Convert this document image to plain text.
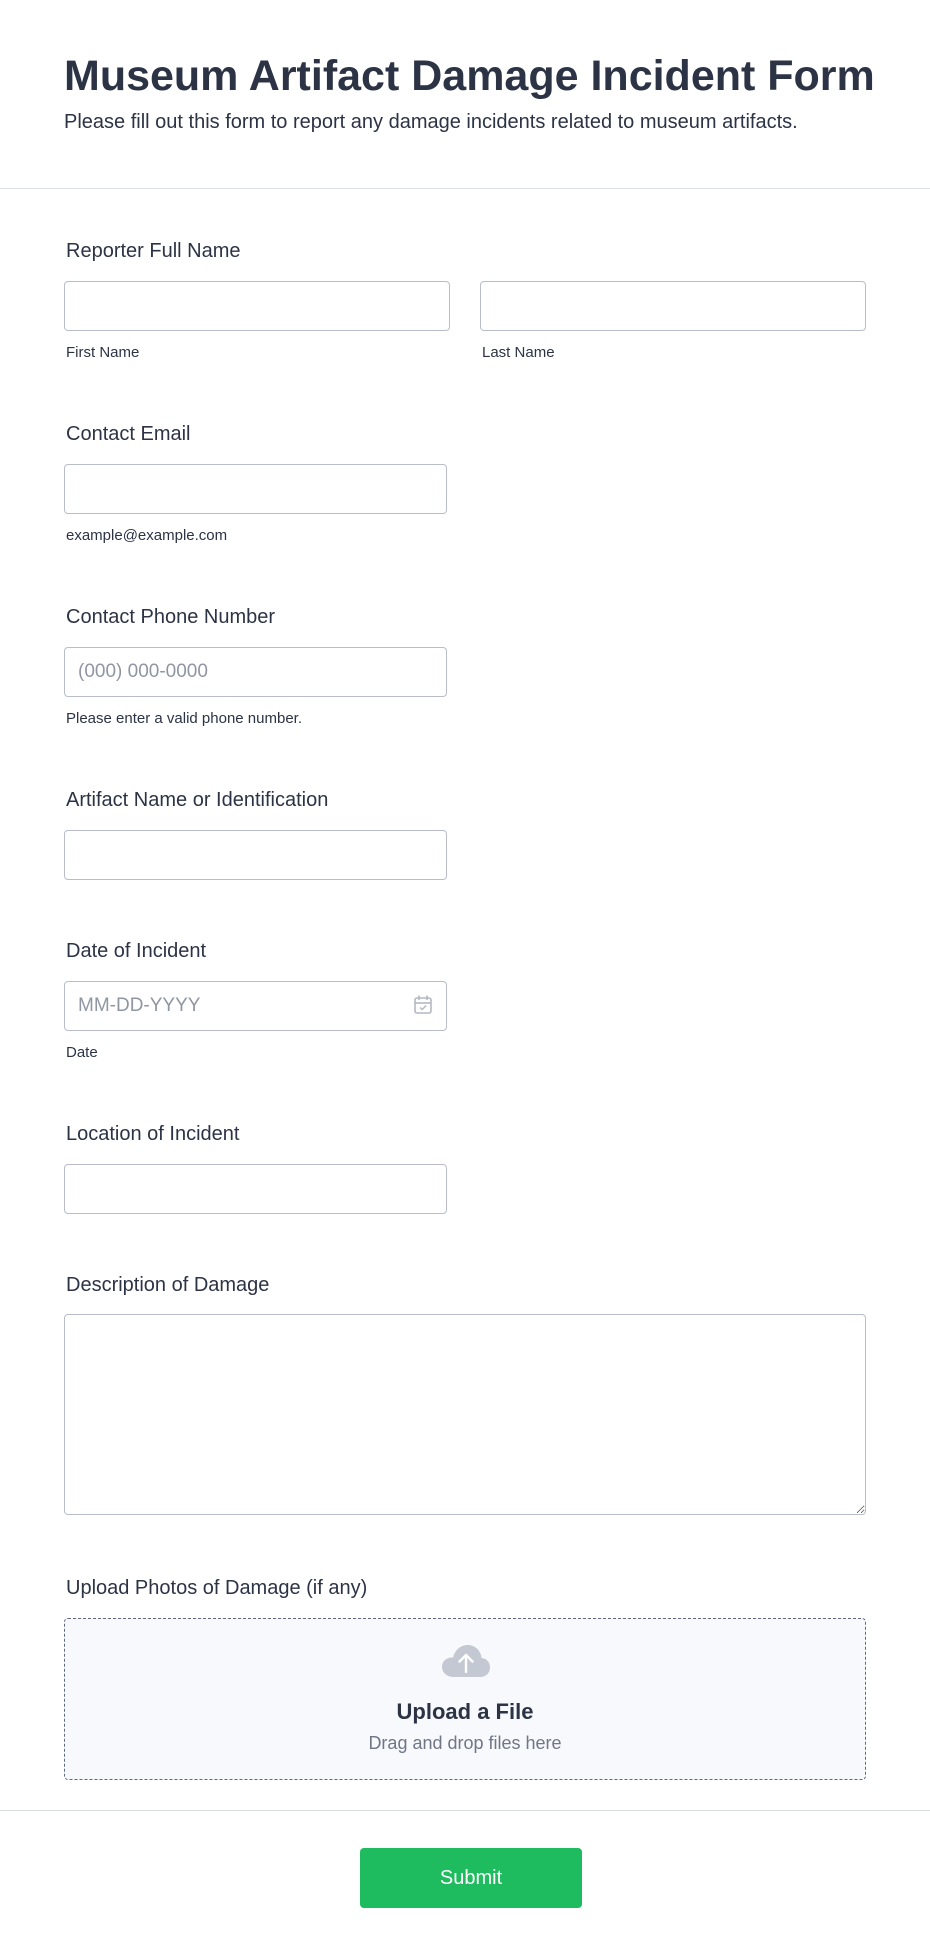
Museum Artifact Damage Incident Form

Please fill out this form to report any damage incidents related to museum artifacts.

Reporter Full Name
First Name	Last Name
Contact Email
example@example.com
Contact Phone Number
(000) 000-0000
Please enter a valid phone number.
Artifact Name or Identification
Date of Incident
MM-DD-YYYY
Date
Location of Incident
Description of Damage
Upload Photos of Damage (if any)
Upload a File
Drag and drop files here
Submit
